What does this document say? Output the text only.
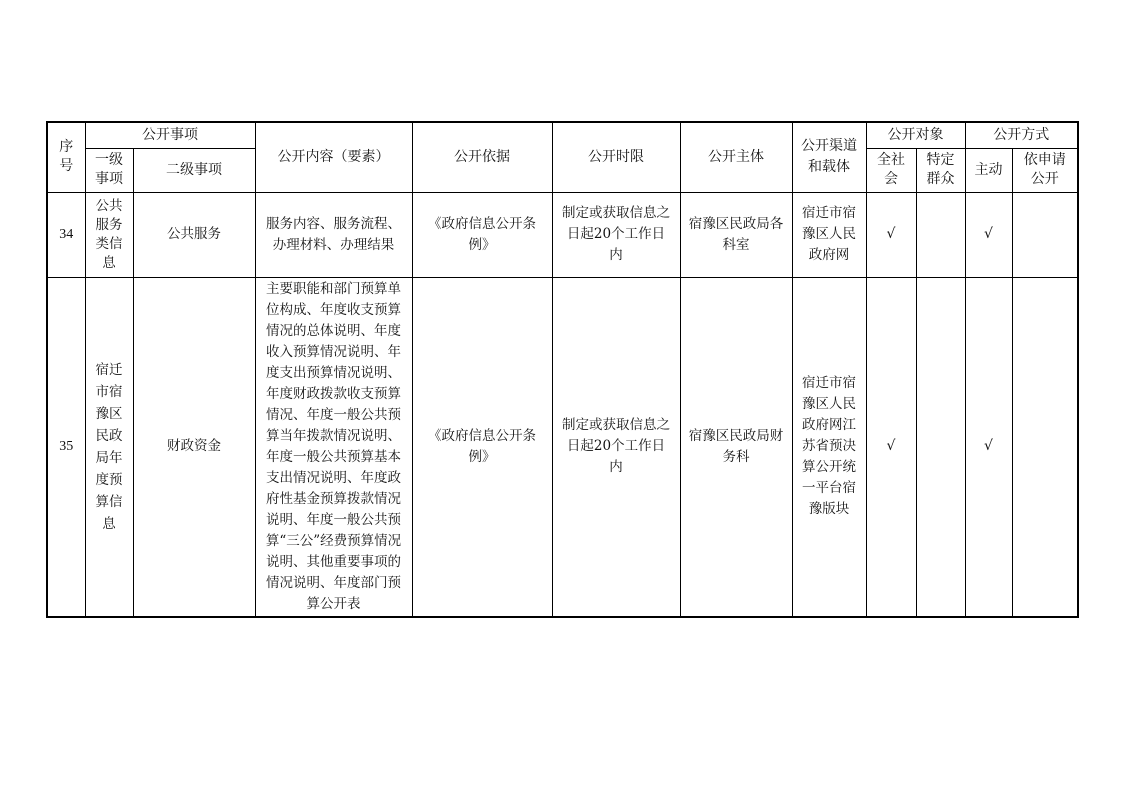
序号	公开事项		公开内容（要素）	公开依据	公开时限	公开主体	公开渠道和载体	公开对象		公开方式	
	一级事项	二级事项						全社会	特定群众	主动	依申请公开
34	公共服务类信息	公共服务	服务内容、服务流程、办理材料、办理结果	《政府信息公开条例》	制定或获取信息之日起20个工作日内	宿豫区民政局各科室	宿迁市宿豫区人民政府网	√		√	
35	宿迁市宿豫区民政局年度预算信息	财政资金	主要职能和部门预算单位构成、年度收支预算情况的总体说明、年度收入预算情况说明、年度支出预算情况说明、年度财政拨款收支预算情况、年度一般公共预算当年拨款情况说明、年度一般公共预算基本支出情况说明、年度政府性基金预算拨款情况说明、年度一般公共预算“三公”经费预算情况说明、其他重要事项的情况说明、年度部门预算公开表	《政府信息公开条例》	制定或获取信息之日起20个工作日内	宿豫区民政局财务科	宿迁市宿豫区人民政府网江苏省预决算公开统一平台宿豫版块	√		√	
